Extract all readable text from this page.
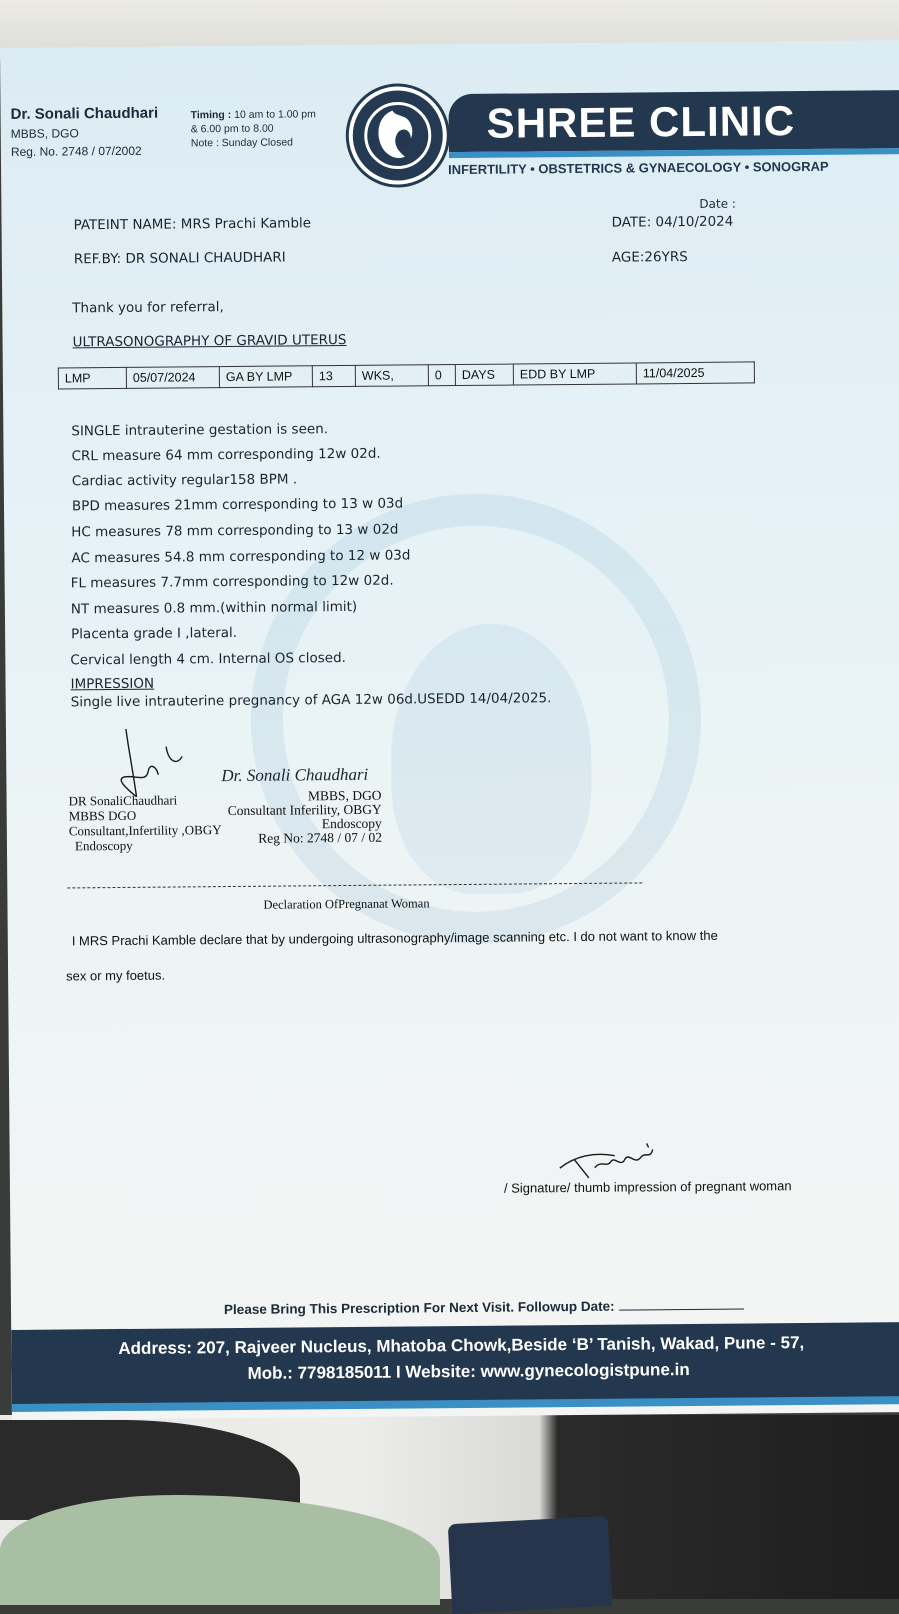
Dr. Sonali Chaudhari
MBBS, DGO
Reg. No. 2748 / 07/2002
Timing : 10 am to 1.00 pm
& 6.00 pm to 8.00
Note : Sunday Closed	SHREE CLINIC
INFERTILITY • OBSTETRICS & GYNAECOLOGY • SONOGRAP
PATEINT NAME: MRS Prachi Kamble
Date :
DATE: 04/10/2024
REF.BY: DR SONALI CHAUDHARI	AGE:26YRS
Thank you for referral,
ULTRASONOGRAPHY OF GRAVID UTERUS
LMP	05/07/2024	GA BY LMP	13	WKS,	0	DAYS	EDD BY LMP	11/04/2025
SINGLE intrauterine gestation is seen.
CRL measure 64 mm corresponding 12w 02d.
Cardiac activity regular158 BPM .
BPD measures 21mm corresponding to 13 w 03d
HC measures 78 mm corresponding to 13 w 02d
AC measures 54.8 mm corresponding to 12 w 03d
FL measures 7.7mm corresponding to 12w 02d.
NT measures 0.8 mm.(within normal limit)
Placenta grade I ,lateral.
Cervical length 4 cm. Internal OS closed.
IMPRESSION
Single live intrauterine pregnancy of AGA 12w 06d.USEDD 14/04/2025.
Dr. Sonali Chaudhari
DR SonaliChaudhari
MBBS DGO
Consultant,Infertility ,OBGY
Endoscopy
MBBS, DGO
Consultant Inferility, OBGY
Endoscopy
Reg No: 2748 / 07 / 02
Declaration OfPregnanat Woman
I MRS Prachi Kamble declare that by undergoing ultrasonography/image scanning etc. I do not want to know the
sex or my foetus.
/ Signature/ thumb impression of pregnant woman
Please Bring This Prescription For Next Visit. Followup Date:
Address: 207, Rajveer Nucleus, Mhatoba Chowk,Beside ‘B’ Tanish, Wakad, Pune - 57,
Mob.: 7798185011 I Website: www.gynecologistpune.in
